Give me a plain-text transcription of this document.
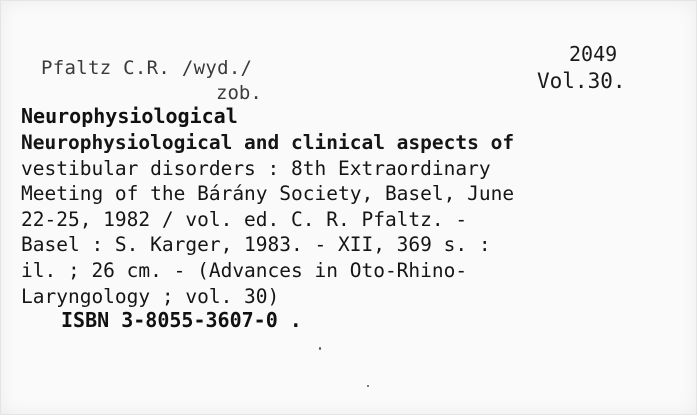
Pfaltz C.R. /wyd./
zob.
2049
Vol.30.
Neurophysiological
Neurophysiological and clinical aspects of
vestibular disorders : 8th Extraordinary
Meeting of the Bárány Society, Basel, June
22-25, 1982 / vol. ed. C. R. Pfaltz. -
Basel : S. Karger, 1983. - XII, 369 s. :
il. ; 26 cm. - (Advances in Oto-Rhino-
Laryngology ; vol. 30)
ISBN 3-8055-3607-0 .
